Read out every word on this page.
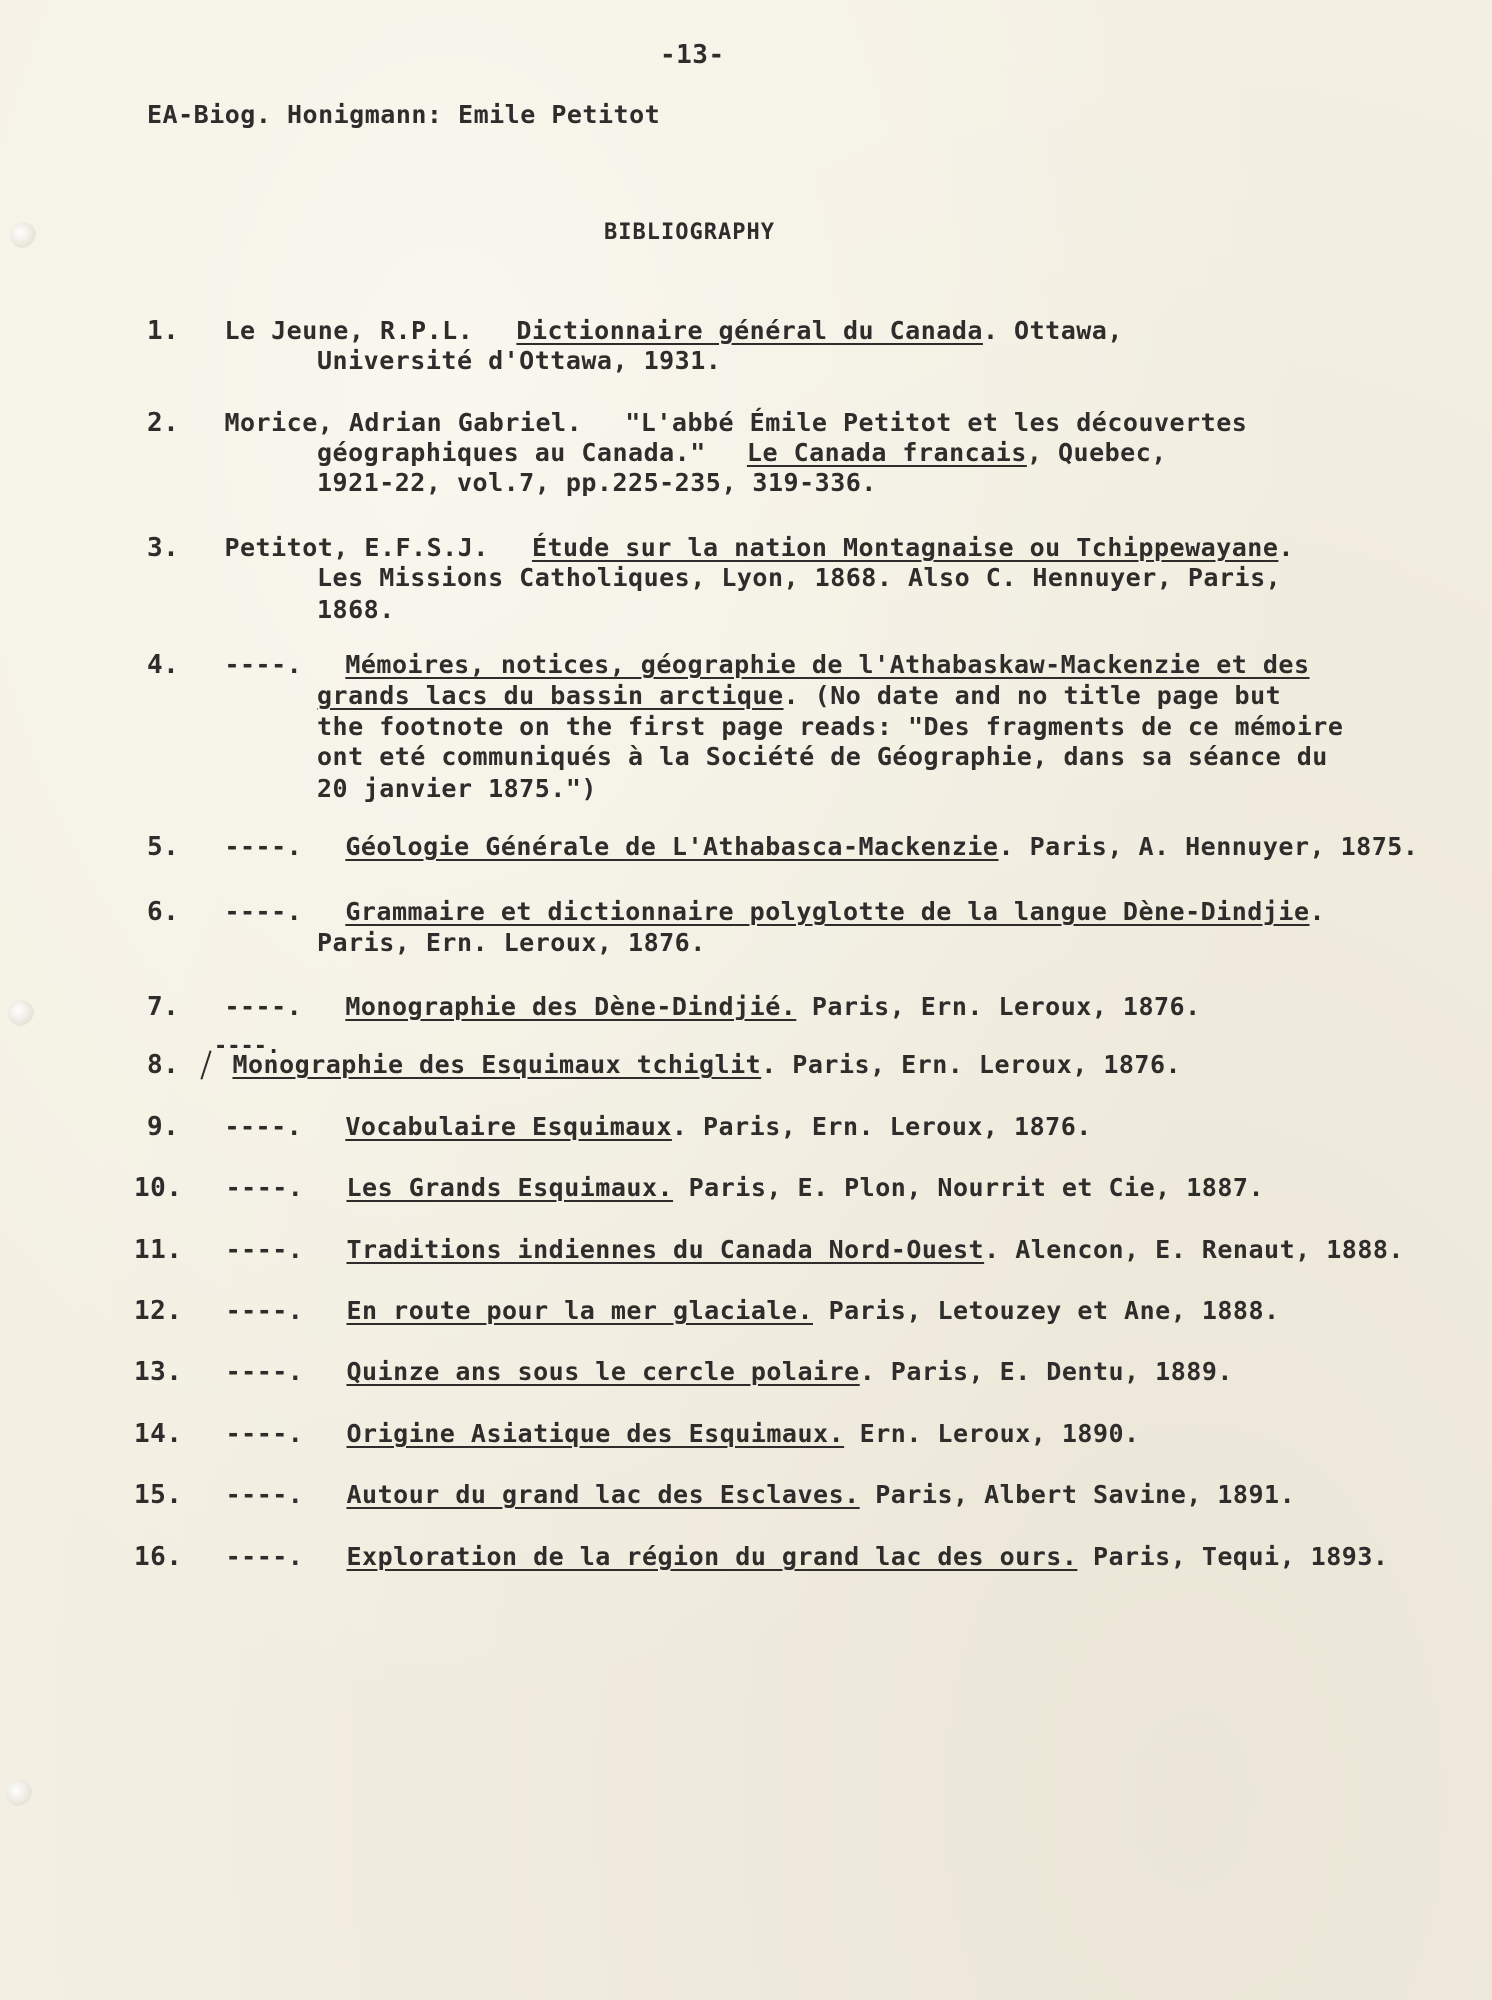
-13-
EA-Biog. Honigmann: Emile Petitot
BIBLIOGRAPHY
1. Le Jeune, R.P.L. Dictionnaire général du Canada. Ottawa,
Université d'Ottawa, 1931.
2. Morice, Adrian Gabriel. "L'abbé Émile Petitot et les découvertes
géographiques au Canada." Le Canada francais, Quebec,
1921-22, vol.7, pp.225-235, 319-336.
3. Petitot, E.F.S.J. Étude sur la nation Montagnaise ou Tchippewayane.
Les Missions Catholiques, Lyon, 1868. Also C. Hennuyer, Paris,
1868.
4. ----. Mémoires, notices, géographie de l'Athabaskaw-Mackenzie et des
grands lacs du bassin arctique. (No date and no title page but
the footnote on the first page reads: "Des fragments de ce mémoire
ont eté communiqués à la Société de Géographie, dans sa séance du
20 janvier 1875.")
5. ----. Géologie Générale de L'Athabasca-Mackenzie. Paris, A. Hennuyer, 1875.
6. ----. Grammaire et dictionnaire polyglotte de la langue Dène-Dindjie.
Paris, Ern. Leroux, 1876.
7. ----. Monographie des Dène-Dindjié. Paris, Ern. Leroux, 1876.
----.
8. Monographie des Esquimaux tchiglit. Paris, Ern. Leroux, 1876.
9. ----. Vocabulaire Esquimaux. Paris, Ern. Leroux, 1876.
10. ----. Les Grands Esquimaux. Paris, E. Plon, Nourrit et Cie, 1887.
11. ----. Traditions indiennes du Canada Nord-Ouest. Alencon, E. Renaut, 1888.
12. ----. En route pour la mer glaciale. Paris, Letouzey et Ane, 1888.
13. ----. Quinze ans sous le cercle polaire. Paris, E. Dentu, 1889.
14. ----. Origine Asiatique des Esquimaux. Ern. Leroux, 1890.
15. ----. Autour du grand lac des Esclaves. Paris, Albert Savine, 1891.
16. ----. Exploration de la région du grand lac des ours. Paris, Tequi, 1893.
